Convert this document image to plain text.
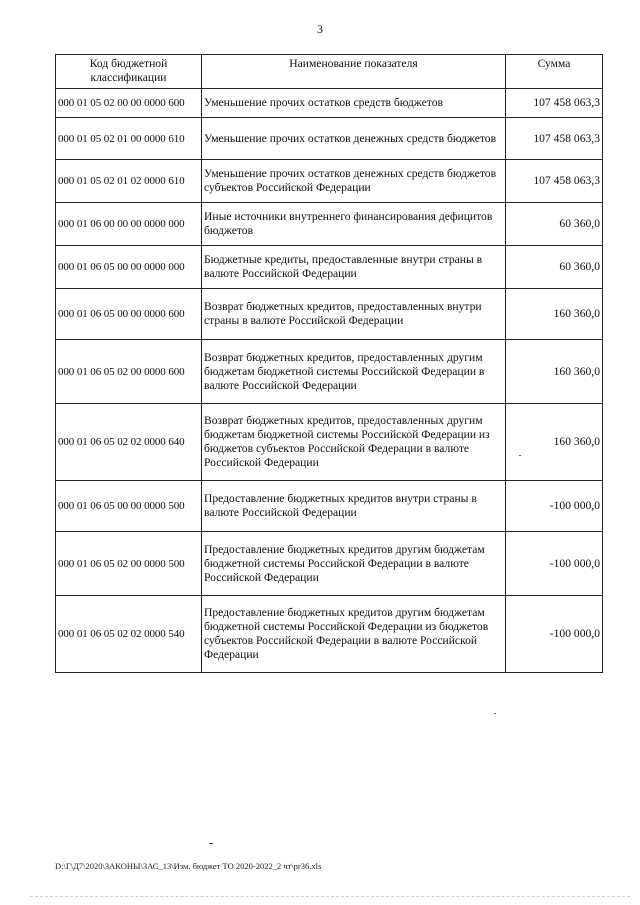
3
Код бюджетной классификации	Наименование показателя	Сумма
000 01 05 02 00 00 0000 600	Уменьшение прочих остатков средств бюджетов	107 458 063,3
000 01 05 02 01 00 0000 610	Уменьшение прочих остатков денежных средств бюджетов	107 458 063,3
000 01 05 02 01 02 0000 610	Уменьшение прочих остатков денежных средств бюджетов субъектов Российской Федерации	107 458 063,3
000 01 06 00 00 00 0000 000	Иные источники внутреннего финансирования дефицитов бюджетов	60 360,0
000 01 06 05 00 00 0000 000	Бюджетные кредиты, предоставленные внутри страны в валюте Российской Федерации	60 360,0
000 01 06 05 00 00 0000 600	Возврат бюджетных кредитов, предоставленных внутри страны в валюте Российской Федерации	160 360,0
000 01 06 05 02 00 0000 600	Возврат бюджетных кредитов, предоставленных другим бюджетам бюджетной системы Российской Федерации в валюте Российской Федерации	160 360,0
000 01 06 05 02 02 0000 640	Возврат бюджетных кредитов, предоставленных другим бюджетам бюджетной системы Российской Федерации из бюджетов субъектов Российской Федерации в валюте Российской Федерации	160 360,0
000 01 06 05 00 00 0000 500	Предоставление бюджетных кредитов внутри страны в валюте Российской Федерации	-100 000,0
000 01 06 05 02 00 0000 500	Предоставление бюджетных кредитов другим бюджетам бюджетной системы Российской Федерации в валюте Российской Федерации	-100 000,0
000 01 06 05 02 02 0000 540	Предоставление бюджетных кредитов другим бюджетам бюджетной системы Российской Федерации из бюджетов субъектов Российской Федерации в валюте Российской Федерации	-100 000,0
D:\Г\Д7\2020\ЗАКОНЫ\ЗАС_13\Изм. бюджет ТО 2020-2022_2 чт\pr36.xls
